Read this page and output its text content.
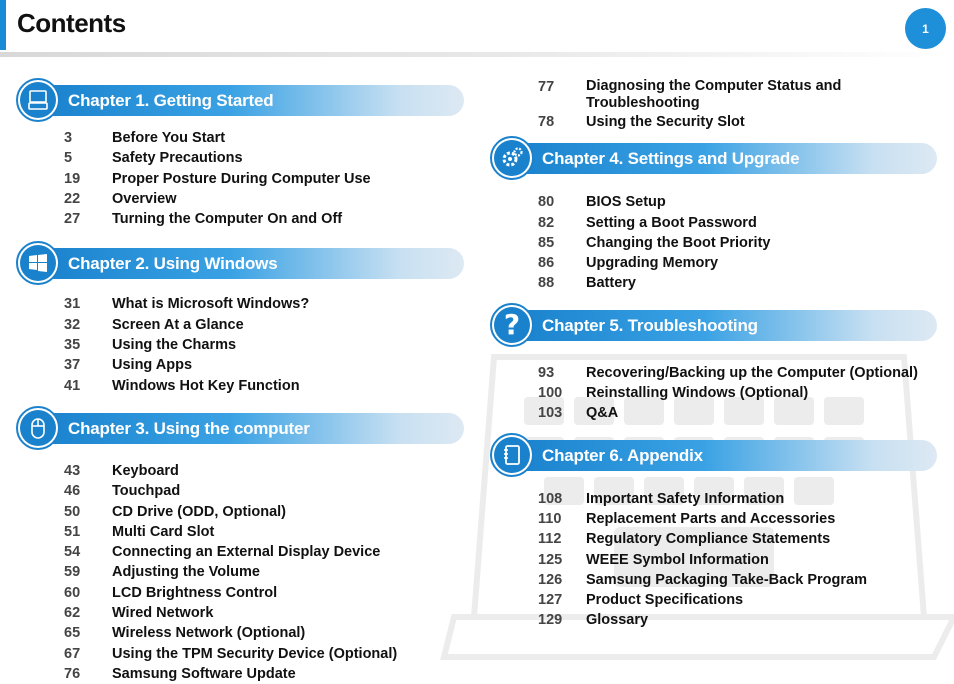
Contents	1
Chapter 1. Getting Started
3	Before You Start
5	Safety Precautions
19	Proper Posture During Computer Use
22	Overview
27	Turning the Computer On and Off
Chapter 2. Using Windows
31	What is Microsoft Windows?
32	Screen At a Glance
35	Using the Charms
37	Using Apps
41	Windows Hot Key Function
Chapter 3. Using the computer
43	Keyboard
46	Touchpad
50	CD Drive (ODD, Optional)
51	Multi Card Slot
54	Connecting an External Display Device
59	Adjusting the Volume
60	LCD Brightness Control
62	Wired Network
65	Wireless Network (Optional)
67	Using the TPM Security Device (Optional)
76	Samsung Software Update
77	Diagnosing the Computer Status and Troubleshooting
78	Using the Security Slot
Chapter 4. Settings and Upgrade
80	BIOS Setup
82	Setting a Boot Password
85	Changing the Boot Priority
86	Upgrading Memory
88	Battery
?	Chapter 5. Troubleshooting
93	Recovering/Backing up the Computer (Optional)
100	Reinstalling Windows (Optional)
103	Q&A
Chapter 6. Appendix
108	Important Safety Information
110	Replacement Parts and Accessories
112	Regulatory Compliance Statements
125	WEEE Symbol Information
126	Samsung Packaging Take-Back Program
127	Product Specifications
129	Glossary
